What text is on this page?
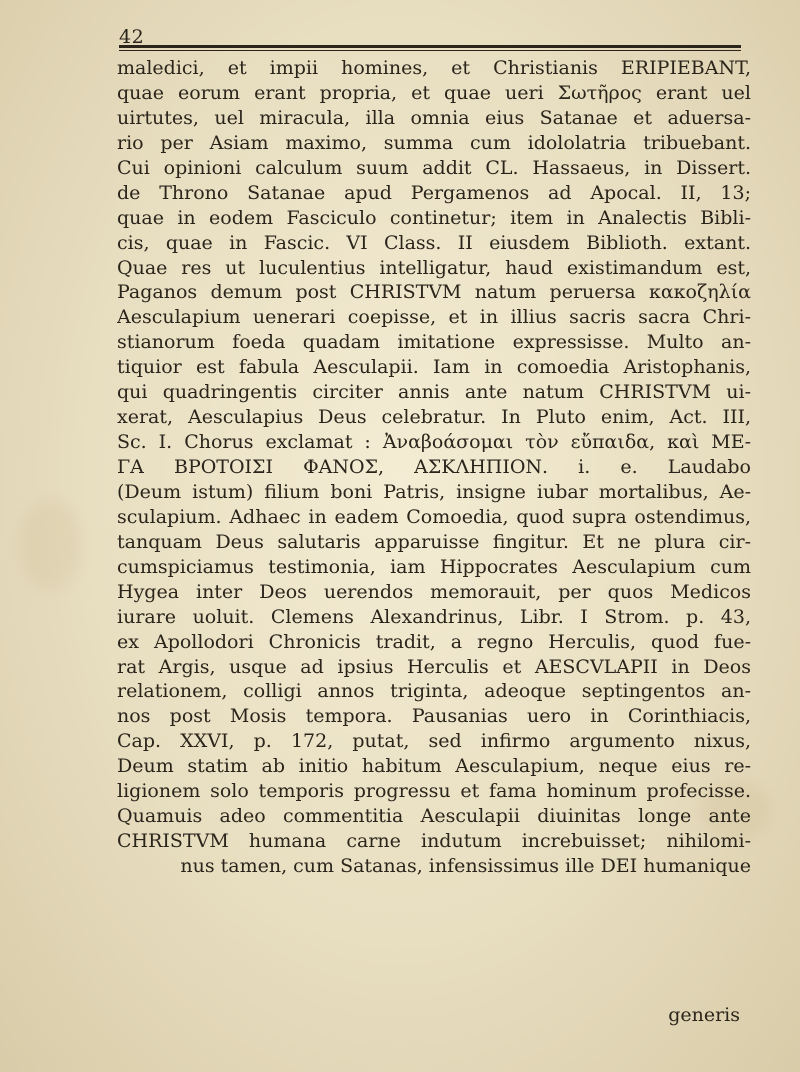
42
maledici, et impii homines, et Christianis ERIPIEBANT,
quae eorum erant propria, et quae ueri Σωτῆρος erant uel
uirtutes, uel miracula, illa omnia eius Satanae et aduersa-
rio per Asiam maximo, summa cum idololatria tribuebant.
Cui opinioni calculum suum addit CL. Hassaeus, in Dissert.
de Throno Satanae apud Pergamenos ad Apocal. II, 13;
quae in eodem Fasciculo continetur; item in Analectis Bibli-
cis, quae in Fascic. VI Class. II eiusdem Biblioth. extant.
Quae res ut luculentius intelligatur, haud existimandum est,
Paganos demum post CHRISTVM natum peruersa κακοζηλία
Aesculapium uenerari coepisse, et in illius sacris sacra Chri-
stianorum foeda quadam imitatione expressisse. Multo an-
tiquior est fabula Aesculapii. Iam in comoedia Aristophanis,
qui quadringentis circiter annis ante natum CHRISTVM ui-
xerat, Aesculapius Deus celebratur. In Pluto enim, Act. III,
Sc. I. Chorus exclamat : Ἀναβοάσομαι τὸν εὔπαιδα, καὶ ΜΕ-
ΓΑ ΒΡΟΤΟΙΣΙ ΦΑΝΟΣ, ΑΣΚΛΗΠΙΟΝ. i. e. Laudabo
(Deum istum) filium boni Patris, insigne iubar mortalibus, Ae-
sculapium. Adhaec in eadem Comoedia, quod supra ostendimus,
tanquam Deus salutaris apparuisse fingitur. Et ne plura cir-
cumspiciamus testimonia, iam Hippocrates Aesculapium cum
Hygea inter Deos uerendos memorauit, per quos Medicos
iurare uoluit. Clemens Alexandrinus, Libr. I Strom. p. 43,
ex Apollodori Chronicis tradit, a regno Herculis, quod fue-
rat Argis, usque ad ipsius Herculis et AESCVLAPII in Deos
relationem, colligi annos triginta, adeoque septingentos an-
nos post Mosis tempora. Pausanias uero in Corinthiacis,
Cap. XXVI, p. 172, putat, sed infirmo argumento nixus,
Deum statim ab initio habitum Aesculapium, neque eius re-
ligionem solo temporis progressu et fama hominum profecisse.
Quamuis adeo commentitia Aesculapii diuinitas longe ante
CHRISTVM humana carne indutum increbuisset; nihilomi-
nus tamen, cum Satanas, infensissimus ille DEI humanique
generis
